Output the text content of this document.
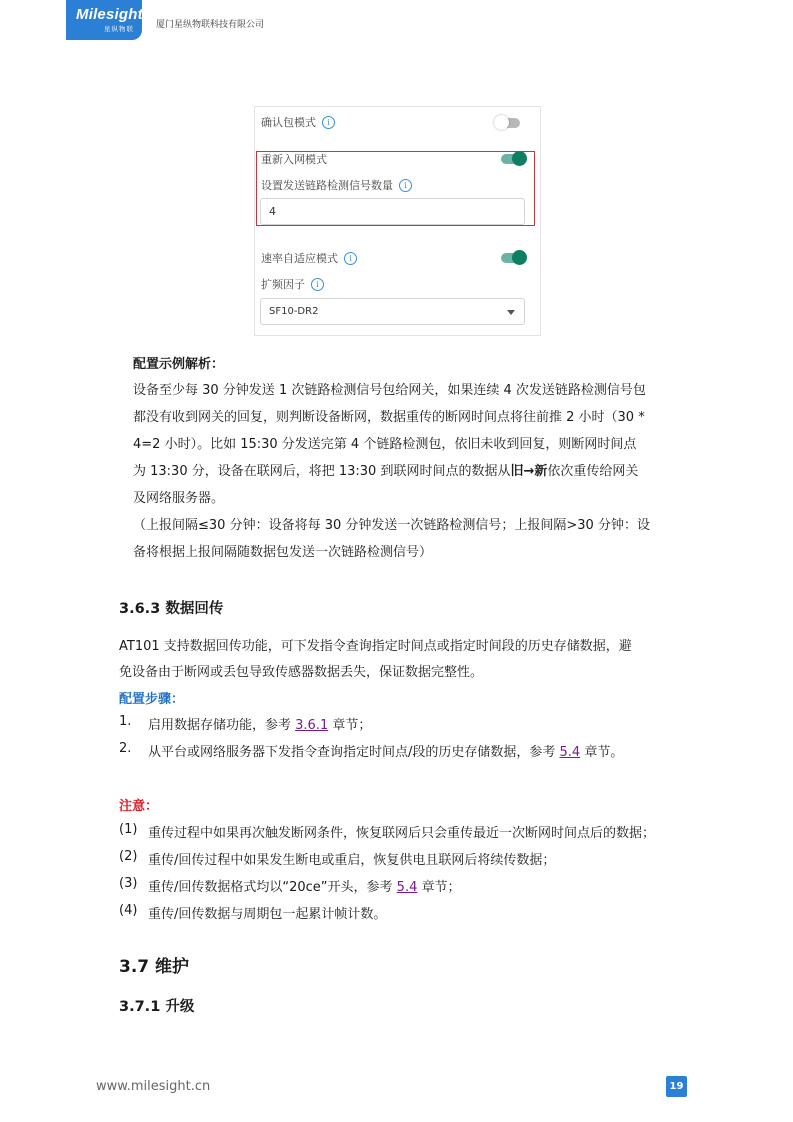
Milesight
星纵物联 厦门星纵物联科技有限公司
确认包模式	i
重新入网模式
设置发送链路检测信号数量	i
4
速率自适应模式	i
扩频因子	i
SF10-DR2
配置示例解析：
设备至少每 30 分钟发送 1 次链路检测信号包给网关，如果连续 4 次发送链路检测信号包
都没有收到网关的回复，则判断设备断网，数据重传的断网时间点将往前推 2 小时（30 *
4=2 小时）。比如 15:30 分发送完第 4 个链路检测包，依旧未收到回复，则断网时间点
为 13:30 分，设备在联网后，将把 13:30 到联网时间点的数据从旧→新依次重传给网关
及网络服务器。
（上报间隔≤30 分钟：设备将每 30 分钟发送一次链路检测信号；上报间隔>30 分钟：设
备将根据上报间隔随数据包发送一次链路检测信号）
3.6.3 数据回传
AT101 支持数据回传功能，可下发指令查询指定时间点或指定时间段的历史存储数据，避
免设备由于断网或丢包导致传感器数据丢失，保证数据完整性。
配置步骤：
1. 启用数据存储功能，参考 3.6.1 章节；
2. 从平台或网络服务器下发指令查询指定时间点/段的历史存储数据，参考 5.4 章节。
注意：
(1) 重传过程中如果再次触发断网条件，恢复联网后只会重传最近一次断网时间点后的数据；
(2) 重传/回传过程中如果发生断电或重启，恢复供电且联网后将续传数据；
(3) 重传/回传数据格式均以“20ce”开头，参考 5.4 章节；
(4) 重传/回传数据与周期包一起累计帧计数。
3.7 维护
3.7.1 升级
www.milesight.cn	19
